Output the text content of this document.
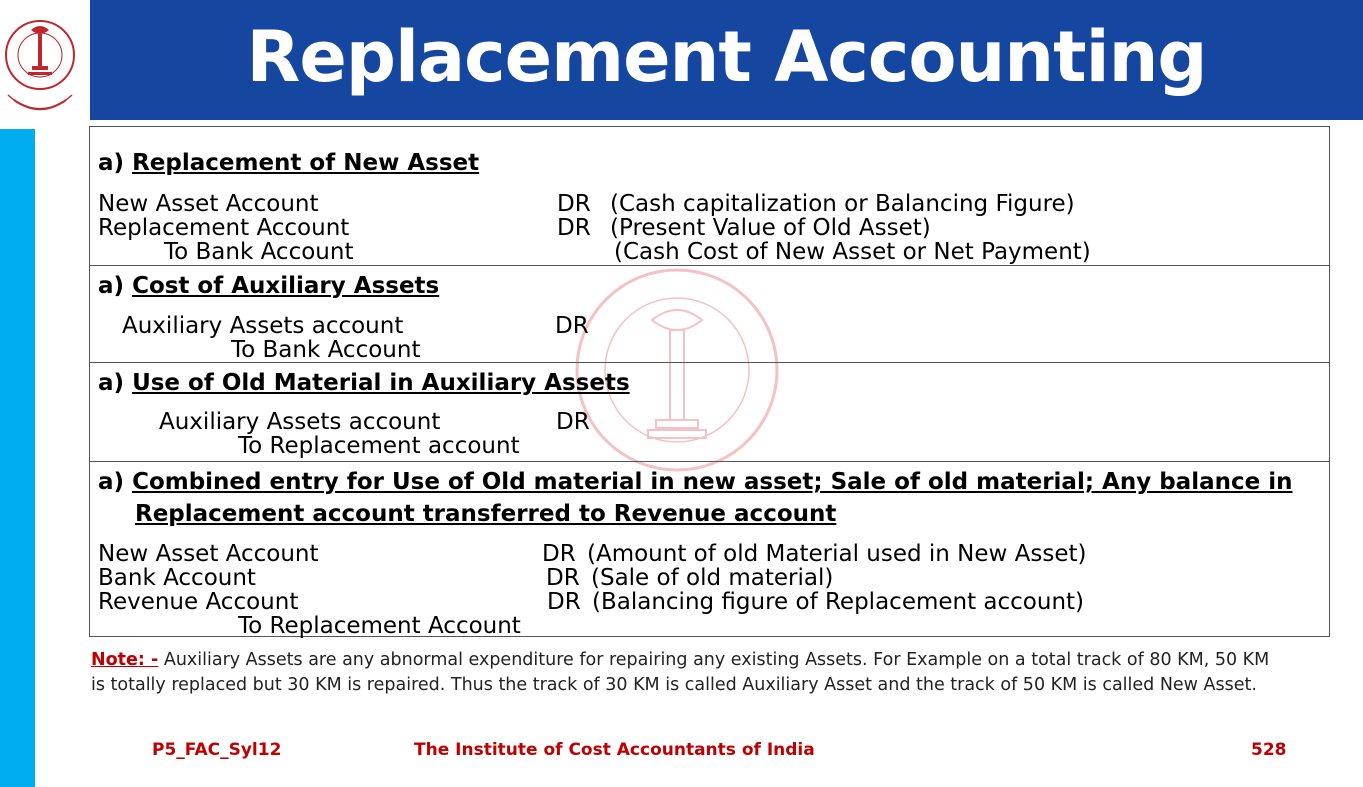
Replacement Accounting
a) Replacement of New Asset
New Asset Account	DR (Cash capitalization or Balancing Figure)
Replacement Account	DR (Present Value of Old Asset)
To Bank Account	(Cash Cost of New Asset or Net Payment)
a) Cost of Auxiliary Assets
Auxiliary Assets account	DR
To Bank Account
a) Use of Old Material in Auxiliary Assets
Auxiliary Assets account	DR
To Replacement account
a) Combined entry for Use of Old material in new asset; Sale of old material; Any balance in
Replacement account transferred to Revenue account
New Asset Account	DR (Amount of old Material used in New Asset)
Bank Account	DR (Sale of old material)
Revenue Account	DR (Balancing figure of Replacement account)
To Replacement Account
Note: - Auxiliary Assets are any abnormal expenditure for repairing any existing Assets. For Example on a total track of 80 KM, 50 KM is totally replaced but 30 KM is repaired. Thus the track of 30 KM is called Auxiliary Asset and the track of 50 KM is called New Asset.
P5_FAC_Syl12	The Institute of Cost Accountants of India	528
